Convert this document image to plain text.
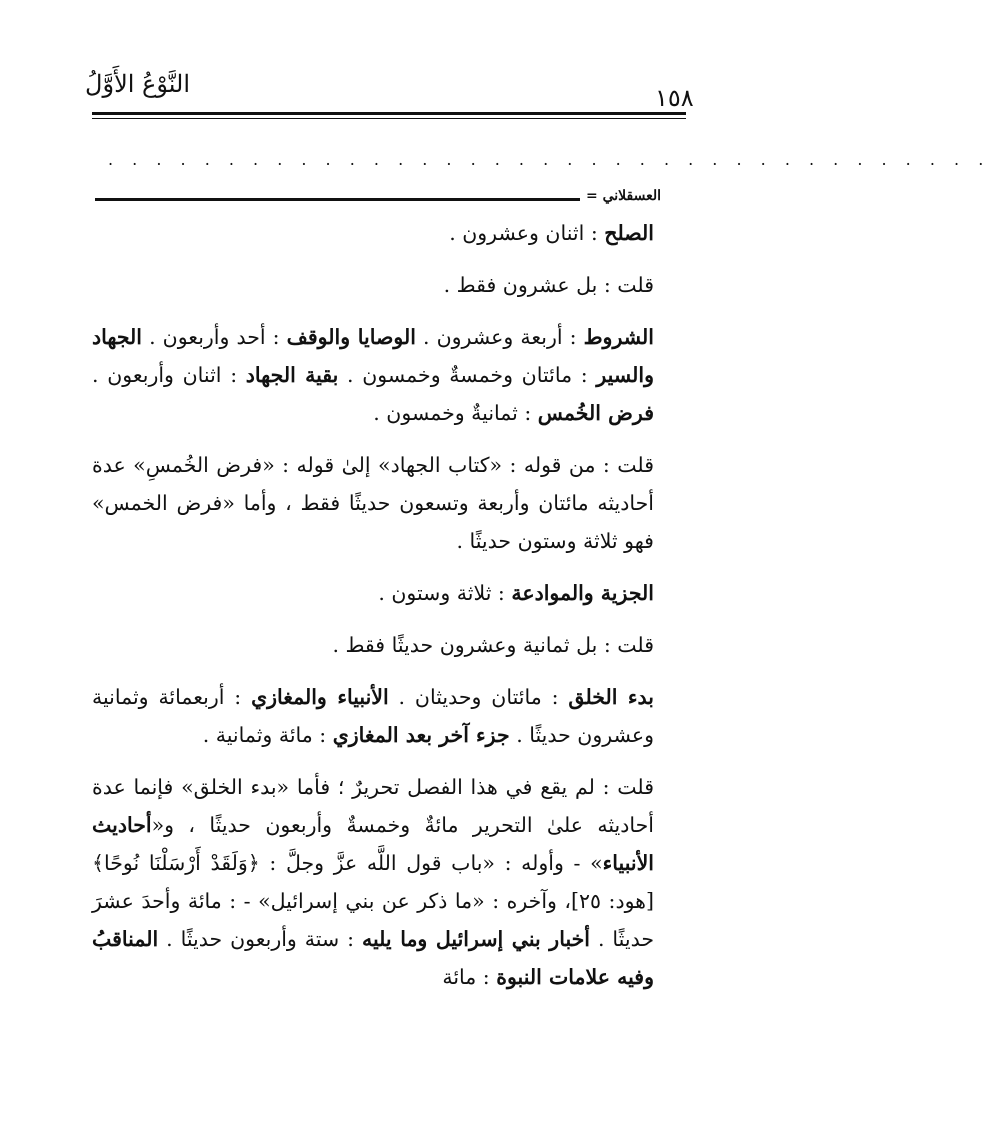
النَّوْعُ الأَوَّلُ	١٥٨
. . . . . . . . . . . . . . . . . . . . . . . . . . . . . . . . . . . . .
العسقلاني =

الصلح : اثنان وعشرون .

قلت : بل عشرون فقط .

الشروط : أربعة وعشرون . الوصايا والوقف : أحد وأربعون . الجهاد والسير : مائتان وخمسةٌ وخمسون . بقية الجهاد : اثنان وأربعون . فرض الخُمس : ثمانيةٌ وخمسون .

قلت : من قوله : «كتاب الجهاد» إلىٰ قوله : «فرض الخُمسِ» عدة أحاديثه مائتان وأربعة وتسعون حديثًا فقط ، وأما «فرض الخمس» فهو ثلاثة وستون حديثًا .

الجزية والموادعة : ثلاثة وستون .

قلت : بل ثمانية وعشرون حديثًا فقط .

بدء الخلق : مائتان وحديثان . الأنبياء والمغازي : أربعمائة وثمانية وعشرون حديثًا . جزء آخر بعد المغازي : مائة وثمانية .

قلت : لم يقع في هذا الفصل تحريرٌ ؛ فأما «بدء الخلق» فإنما عدة أحاديثه علىٰ التحرير مائةٌ وخمسةٌ وأربعون حديثًا ، و«أحاديث الأنبياء» - وأوله : «باب قول اللَّه عزَّ وجلَّ : ﴿وَلَقَدْ أَرْسَلْنَا نُوحًا﴾ [هود: ٢٥]، وآخره : «ما ذكر عن بني إسرائيل» - : مائة وأحدَ عشرَ حديثًا . أخبار بني إسرائيل وما يليه : ستة وأربعون حديثًا . المناقبُ وفيه علامات النبوة : مائة
